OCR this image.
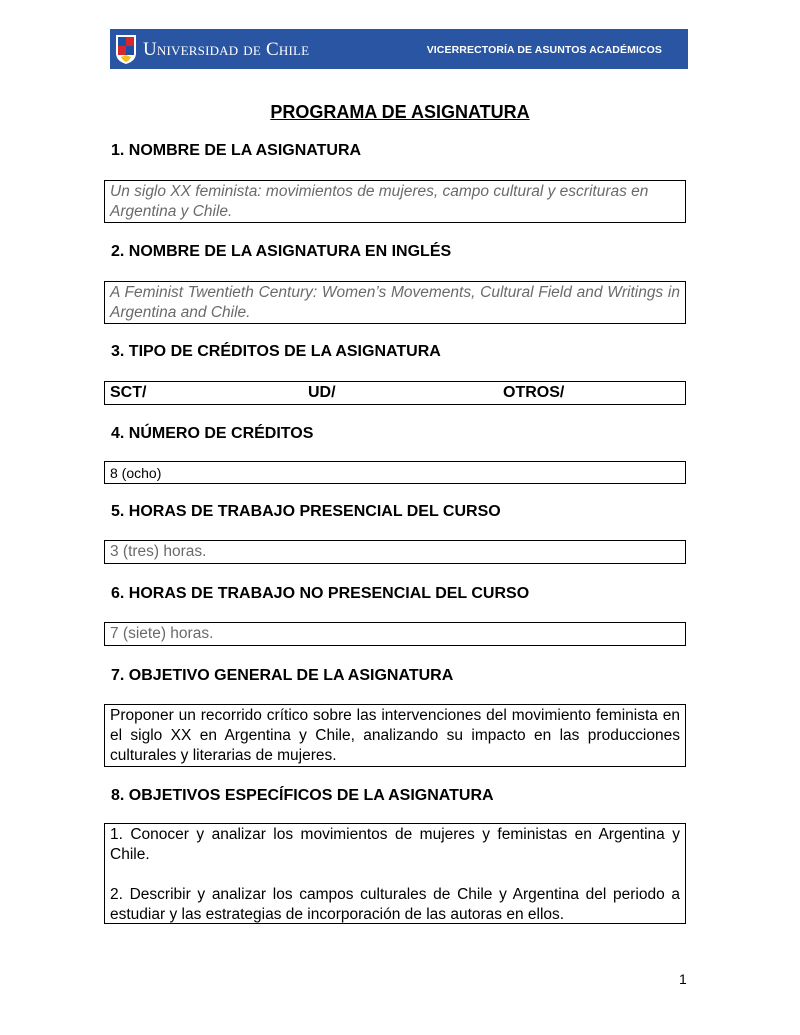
Universidad de Chile	VICERRECTORÍA DE ASUNTOS ACADÉMICOS
PROGRAMA DE ASIGNATURA
1. NOMBRE DE LA ASIGNATURA
Un siglo XX feminista: movimientos de mujeres, campo cultural y escrituras en Argentina y Chile.
2. NOMBRE DE LA ASIGNATURA EN INGLÉS
A Feminist Twentieth Century: Women’s Movements, Cultural Field and Writings in Argentina and Chile.
3. TIPO DE CRÉDITOS DE LA ASIGNATURA
SCT/	UD/	OTROS/
4. NÚMERO DE CRÉDITOS
8 (ocho)
5. HORAS DE TRABAJO PRESENCIAL DEL CURSO
3 (tres) horas.
6. HORAS DE TRABAJO NO PRESENCIAL DEL CURSO
7 (siete) horas.
7. OBJETIVO GENERAL DE LA ASIGNATURA
Proponer un recorrido crítico sobre las intervenciones del movimiento feminista en el siglo XX en Argentina y Chile, analizando su impacto en las producciones culturales y literarias de mujeres.
8. OBJETIVOS ESPECÍFICOS DE LA ASIGNATURA

1. Conocer y analizar los movimientos de mujeres y feministas en Argentina y Chile.

2. Describir y analizar los campos culturales de Chile y Argentina del periodo a estudiar y las estrategias de incorporación de las autoras en ellos.

1
